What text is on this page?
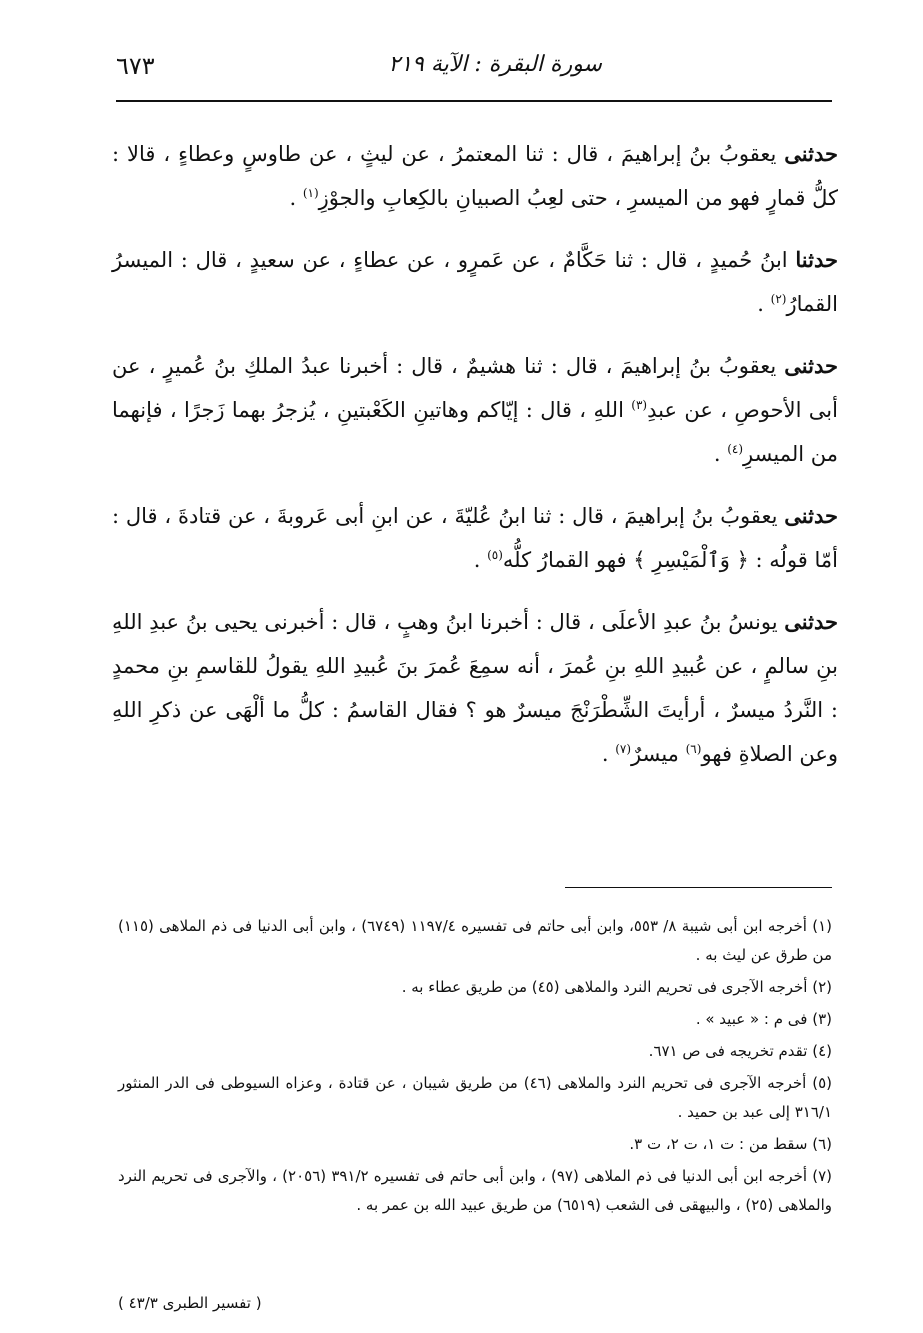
٦٧٣	سورة البقرة : الآية ٢١٩

حدثنى يعقوبُ بنُ إبراهيمَ ، قال : ثنا المعتمرُ ، عن ليثٍ ، عن طاوسٍ وعطاءٍ ، قالا : كلُّ قمارٍ فهو من الميسرِ ، حتى لعِبُ الصبيانِ بالكِعابِ والجوْزِ$^{(١)}$ .

حدثنا ابنُ حُميدٍ ، قال : ثنا حَكَّامٌ ، عن عَمرٍو ، عن عطاءٍ ، عن سعيدٍ ، قال : الميسرُ القمارُ$^{(٢)}$ .

حدثنى يعقوبُ بنُ إبراهيمَ ، قال : ثنا هشيمٌ ، قال : أخبرنا عبدُ الملكِ بنُ عُميرٍ ، عن أبى الأحوصِ ، عن عبدِ$^{(٣)}$ اللهِ ، قال : إيّاكم وهاتينِ الكَعْبتينِ ، يُزجرُ بهما زَجرًا ، فإنهما من الميسرِ$^{(٤)}$ .

حدثنى يعقوبُ بنُ إبراهيمَ ، قال : ثنا ابنُ عُليّةَ ، عن ابنِ أبى عَروبةَ ، عن قتادةَ ، قال : أمّا قولُه : ﴿ وَٱلْمَيْسِرِ ﴾ فهو القمارُ كلُّه$^{(٥)}$ .

حدثنى يونسُ بنُ عبدِ الأعلَى ، قال : أخبرنا ابنُ وهبٍ ، قال : أخبرنى يحيى بنُ عبدِ اللهِ بنِ سالمٍ ، عن عُبيدِ اللهِ بنِ عُمرَ ، أنه سمِعَ عُمرَ بنَ عُبيدِ اللهِ يقولُ للقاسمِ بنِ محمدٍ : النَّردُ ميسرٌ ، أرأيتَ الشِّطْرَنْجَ ميسرٌ هو ؟ فقال القاسمُ : كلُّ ما ألْهَى عن ذكرِ اللهِ وعن الصلاةِ فهو$^{(٦)}$ ميسرٌ$^{(٧)}$ .

(١) أخرجه ابن أبى شيبة ٨/ ٥٥٣، وابن أبى حاتم فى تفسيره ١١٩٧/٤ (٦٧٤٩) ، وابن أبى الدنيا فى ذم الملاهى (١١٥) من طرق عن ليث به .

(٢) أخرجه الآجرى فى تحريم النرد والملاهى (٤٥) من طريق عطاء به .

(٣) فى م : « عبيد » .

(٤) تقدم تخريجه فى ص ٦٧١.

(٥) أخرجه الآجرى فى تحريم النرد والملاهى (٤٦) من طريق شيبان ، عن قتادة ، وعزاه السيوطى فى الدر المنثور ٣١٦/١ إلى عبد بن حميد .

(٦) سقط من : ت ١، ت ٢، ت ٣.

(٧) أخرجه ابن أبى الدنيا فى ذم الملاهى (٩٧) ، وابن أبى حاتم فى تفسيره ٣٩١/٢ (٢٠٥٦) ، والآجرى فى تحريم النرد والملاهى (٢٥) ، والبيهقى فى الشعب (٦٥١٩) من طريق عبيد الله بن عمر به .

( تفسير الطبرى ٤٣/٣ )
